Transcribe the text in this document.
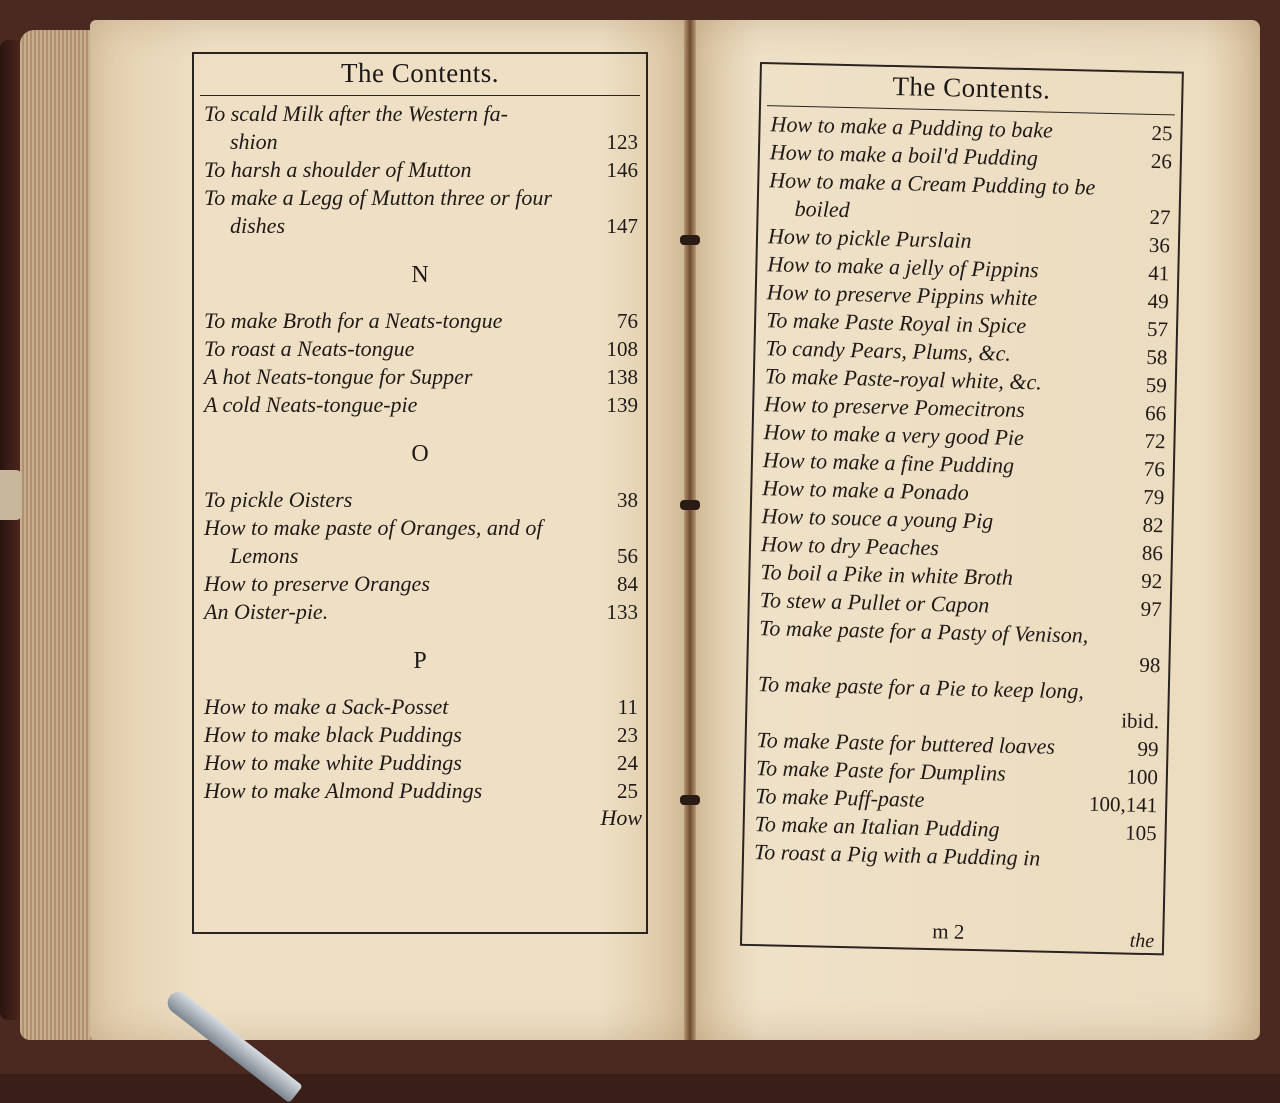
The Contents.
To scald Milk after the Western fa-
shion	123
To harsh a shoulder of Mutton	146
To make a Legg of Mutton three or four
dishes	147
N
To make Broth for a Neats-tongue	76
To roast a Neats-tongue	108
A hot Neats-tongue for Supper	138
A cold Neats-tongue-pie	139
O
To pickle Oisters	38
How to make paste of Oranges, and of
Lemons	56
How to preserve Oranges	84
An Oister-pie.	133
P
How to make a Sack-Posset	11
How to make black Puddings	23
How to make white Puddings	24
How to make Almond Puddings	25
How
The Contents.
How to make a Pudding to bake	25
How to make a boil'd Pudding	26
How to make a Cream Pudding to be
boiled	27
How to pickle Purslain	36
How to make a jelly of Pippins	41
How to preserve Pippins white	49
To make Paste Royal in Spice	57
To candy Pears, Plums, &c.	58
To make Paste-royal white, &c.	59
How to preserve Pomecitrons	66
How to make a very good Pie	72
How to make a fine Pudding	76
How to make a Ponado	79
How to souce a young Pig	82
How to dry Peaches	86
To boil a Pike in white Broth	92
To stew a Pullet or Capon	97
To make paste for a Pasty of Venison,
98
To make paste for a Pie to keep long,
ibid.
To make Paste for buttered loaves	99
To make Paste for Dumplins	100
To make Puff-paste	100,141
To make an Italian Pudding	105
To roast a Pig with a Pudding in
m 2	the
